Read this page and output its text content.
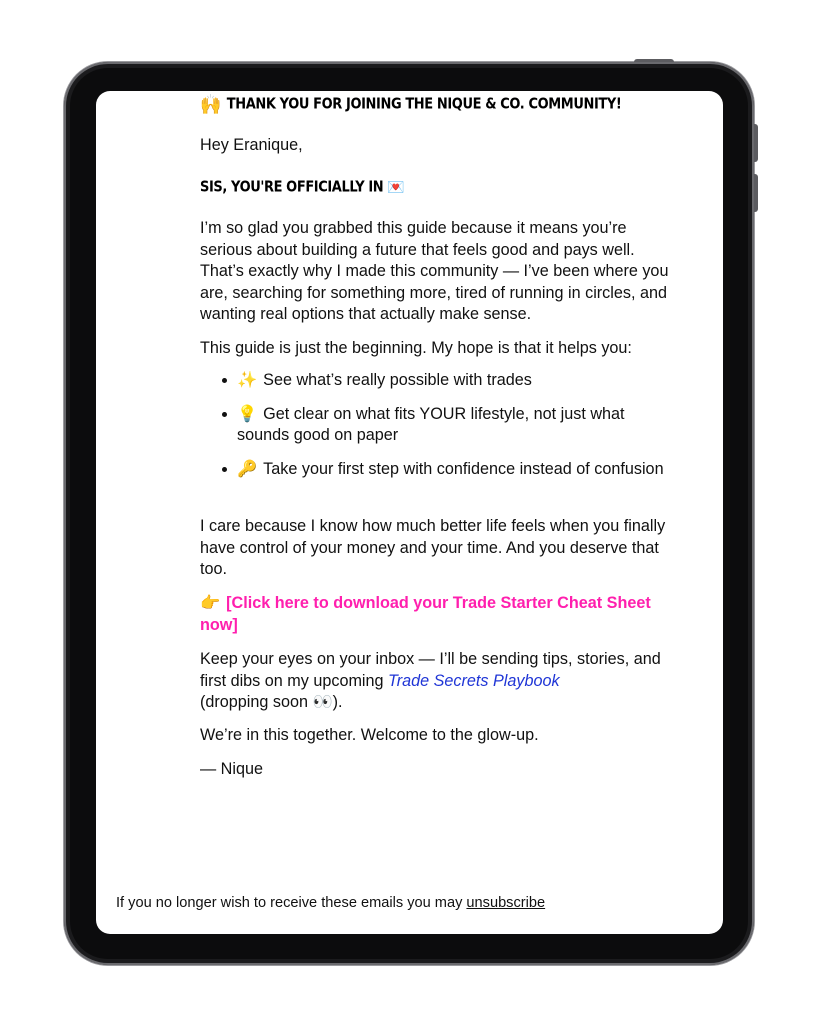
🙌 THANK YOU FOR JOINING THE NIQUE & CO. COMMUNITY!
Hey Eranique,
SIS, YOU'RE OFFICIALLY IN 💌

I’m so glad you grabbed this guide because it means you’re serious about building a future that feels good and pays well. That’s exactly why I made this community — I’ve been where you are, searching for something more, tired of running in circles, and wanting real options that actually make sense.

This guide is just the beginning. My hope is that it helps you:

✨ See what’s really possible with trades
💡 Get clear on what fits YOUR lifestyle, not just what sounds good on paper
🔑 Take your first step with confidence instead of confusion

I care because I know how much better life feels when you finally have control of your money and your time. And you deserve that too.

👉 [Click here to download your Trade Starter Cheat Sheet now]

Keep your eyes on your inbox — I’ll be sending tips, stories, and first dibs on my upcoming Trade Secrets Playbook
(dropping soon 👀).

We’re in this together. Welcome to the glow-up.

— Nique

If you no longer wish to receive these emails you may unsubscribe
